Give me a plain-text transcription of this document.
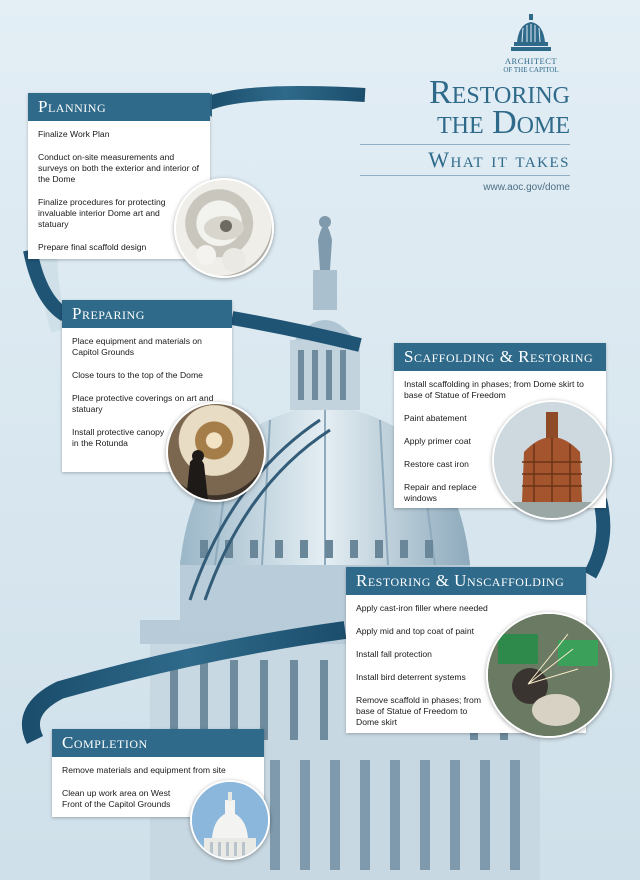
ARCHITECT
OF THE CAPITOL
Restoring
the Dome
What it takes
www.aoc.gov/dome
Planning
Finalize Work Plan
Conduct on-site measurements and surveys on both the exterior and interior of the Dome
Finalize procedures for protecting invaluable interior Dome art and statuary
Prepare final scaffold design
Preparing
Place equipment and materials on Capitol Grounds
Close tours to the top of the Dome
Place protective coverings on art and statuary
Install protective canopy in the Rotunda
Scaffolding & Restoring
Install scaffolding in phases; from Dome skirt to base of Statue of Freedom
Paint abatement
Apply primer coat
Restore cast iron
Repair and replace windows
Restoring & Unscaffolding
Apply cast-iron filler where needed
Apply mid and top coat of paint
Install fall protection
Install bird deterrent systems
Remove scaffold in phases; from base of Statue of Freedom to Dome skirt
Completion
Remove materials and equipment from site
Clean up work area on West Front of the Capitol Grounds
